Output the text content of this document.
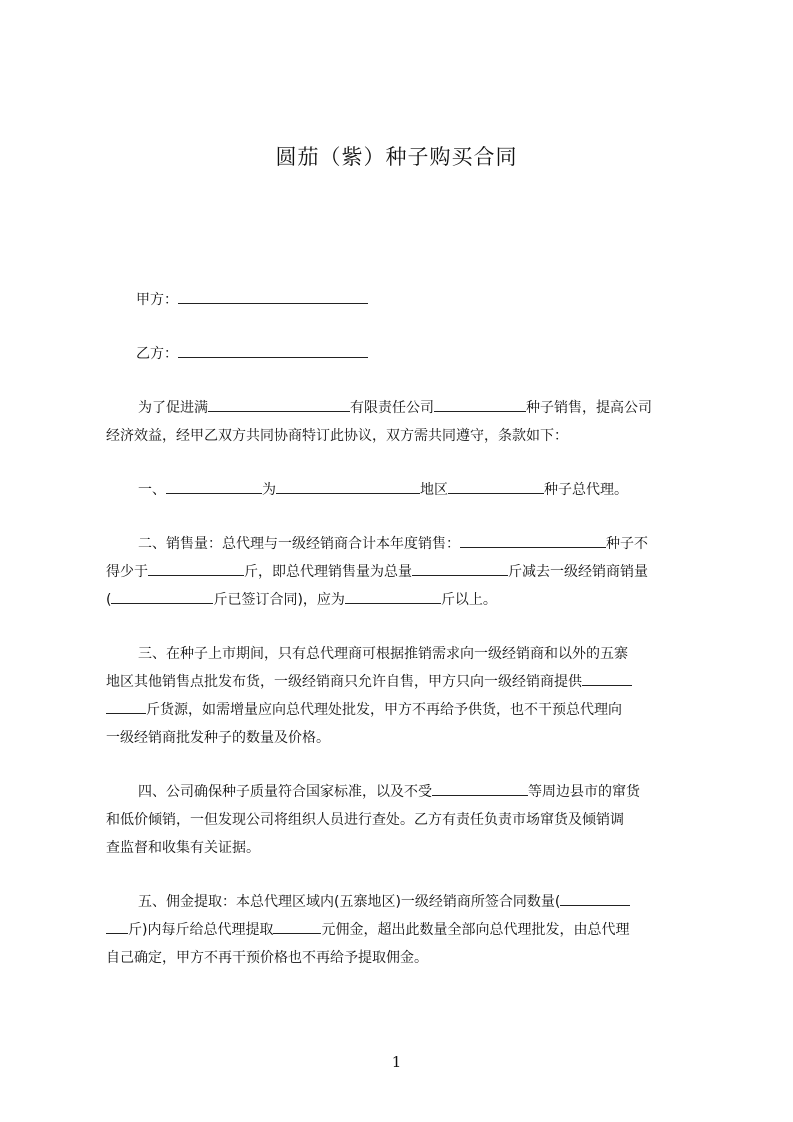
圆茄（紫）种子购买合同
甲方：
乙方：
为了促进满	有限责任公司	种子销售，提高公司
经济效益，经甲乙双方共同协商特订此协议，双方需共同遵守，条款如下：
一、	为	地区	种子总代理。
二、销售量：总代理与一级经销商合计本年度销售：	种子不
得少于	斤，即总代理销售量为总量	斤减去一级经销商销量
(	斤已签订合同)，应为	斤以上。
三、在种子上市期间，只有总代理商可根据推销需求向一级经销商和以外的五寨
地区其他销售点批发布货，一级经销商只允许自售，甲方只向一级经销商提供
斤货源，如需增量应向总代理处批发，甲方不再给予供货，也不干预总代理向
一级经销商批发种子的数量及价格。
四、公司确保种子质量符合国家标准，以及不受	等周边县市的窜货
和低价倾销，一但发现公司将组织人员进行查处。乙方有责任负责市场窜货及倾销调
查监督和收集有关证据。
五、佣金提取：本总代理区域内(五寨地区)一级经销商所签合同数量(
斤)内每斤给总代理提取	元佣金，超出此数量全部向总代理批发，由总代理
自己确定，甲方不再干预价格也不再给予提取佣金。
1
